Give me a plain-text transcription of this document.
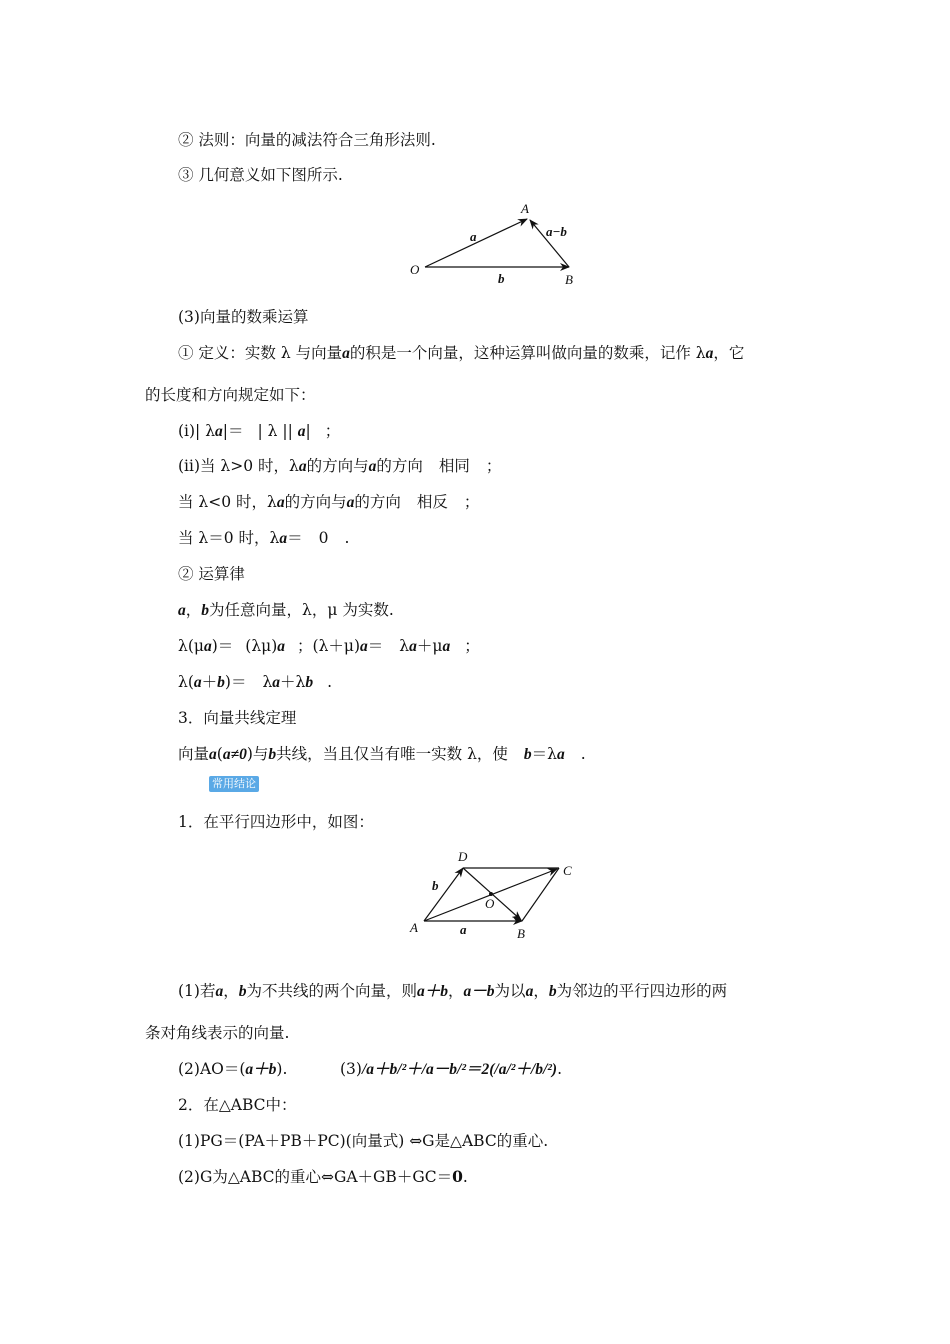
② 法则：向量的减法符合三角形法则.
③ 几何意义如下图所示.
A
O
B
a
b
a−b
(3)向量的数乘运算
① 定义：实数 λ 与向量a的积是一个向量，这种运算叫做向量的数乘，记作 λa，它
的长度和方向规定如下：
(ⅰ)| λa|＝ | λ || a| ；
(ⅱ)当 λ>0 时，λa的方向与a的方向 相同 ；
当 λ<0 时，λa的方向与a的方向 相反 ；
当 λ＝0 时，λa＝ 0 .
② 运算律
a，b为任意向量，λ，μ 为实数.
λ(μa)＝ (λμ)a ；(λ＋μ)a＝ λa＋μa ；
λ(a＋b)＝ λa＋λb .
3．向量共线定理
向量a(a≠0)与b共线，当且仅当有唯一实数 λ，使 b＝λa .
常用结论
1．在平行四边形中，如图：
A	B
C
D
O
a
b
(1)若a，b为不共线的两个向量，则a＋b，a－b为以a，b为邻边的平行四边形的两
条对角线表示的向量.
(2)AO＝(a＋b).	(3)/a＋b/²＋/a－b/²＝2(/a/²＋/b/²).
2．在△ABC中：
(1)PG＝(PA＋PB＋PC)(向量式) ⇔G是△ABC的重心.
(2)G为△ABC的重心⇔GA＋GB＋GC＝0.
